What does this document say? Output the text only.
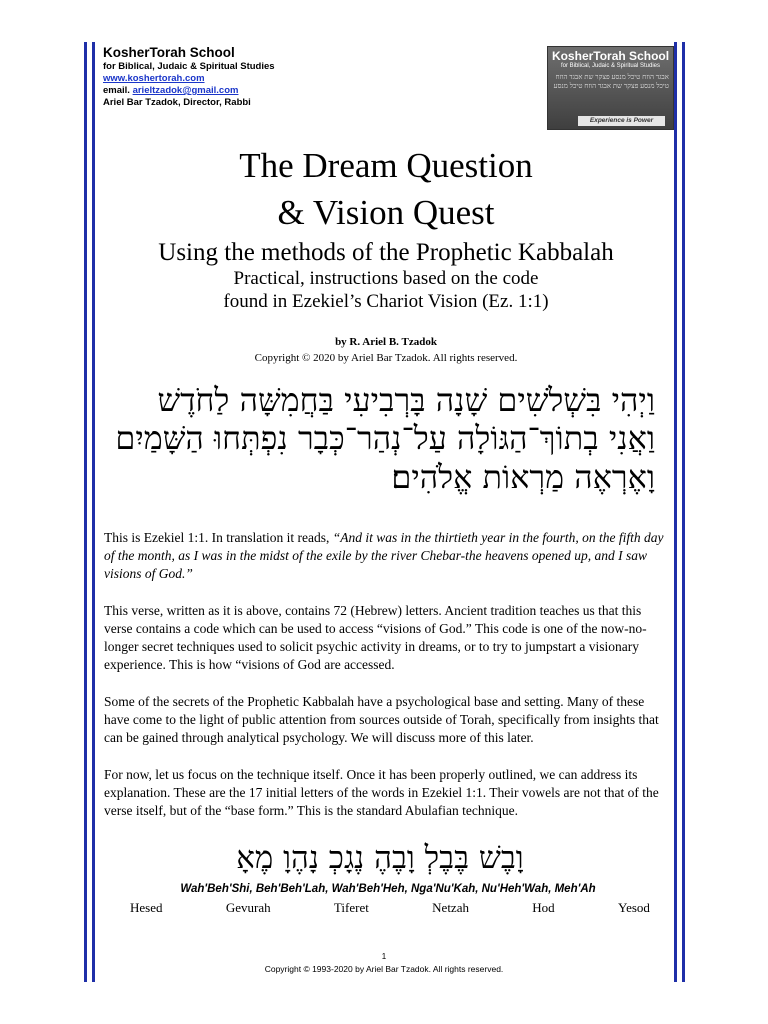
KosherTorah School
for Biblical, Judaic & Spiritual Studies
www.koshertorah.com
email. arieltzadok@gmail.com
Ariel Bar Tzadok, Director, Rabbi
KosherTorah School
for Biblical, Judaic & Spiritual Studies
אבגד הוזח טיכל מנסע פצקר שת אבגד הוזח טיכל מנסע פצקר שת אבגד הוזח טיכל מנסע
Experience is Power
The Dream Question
& Vision Quest
Using the methods of the Prophetic Kabbalah
Practical, instructions based on the code
found in Ezekiel’s Chariot Vision (Ez. 1:1)
by R. Ariel B. Tzadok
Copyright © 2020 by Ariel Bar Tzadok. All rights reserved.
וַיְהִי בִּשְׁלֹשִׁים שָׁנָה בָּרְבִיעִי בַּחֲמִשָּׁה לַחֹדֶשׁ
וַאֲנִי בְתוֹךְ־הַגּוֹלָה עַל־נְהַר־כְּבָר נִפְתְּחוּ הַשָּׁמַיִם
וָאֶרְאֶה מַרְאוֹת אֱלֹהִים׃
This is Ezekiel 1:1. In translation it reads, “And it was in the thirtieth year in the fourth, on the fifth day of the month, as I was in the midst of the exile by the river Chebar-the heavens opened up, and I saw visions of God.”
This verse, written as it is above, contains 72 (Hebrew) letters. Ancient tradition teaches us that this verse contains a code which can be used to access “visions of God.” This code is one of the now-no-longer secret techniques used to solicit psychic activity in dreams, or to try to jumpstart a visionary experience. This is how “visions of God are accessed.
Some of the secrets of the Prophetic Kabbalah have a psychological base and setting. Many of these have come to the light of public attention from sources outside of Torah, specifically from insights that can be gained through analytical psychology. We will discuss more of this later.
For now, let us focus on the technique itself. Once it has been properly outlined, we can address its explanation. These are the 17 initial letters of the words in Ezekiel 1:1. Their vowels are not that of the verse itself, but of the “base form.” This is the standard Abulafian technique.
וָבֶשׁ בֶּבֶלְ וָבֶהֶ נֶגָכְ נָהֶוָ מֶאָ
Wah'Beh'Shi, Beh'Beh'Lah, Wah'Beh'Heh, Nga'Nu'Kah, Nu'Heh'Wah, Meh'Ah
Hesed	Gevurah	Tiferet	Netzah	Hod	Yesod
1
Copyright © 1993-2020 by Ariel Bar Tzadok. All rights reserved.
